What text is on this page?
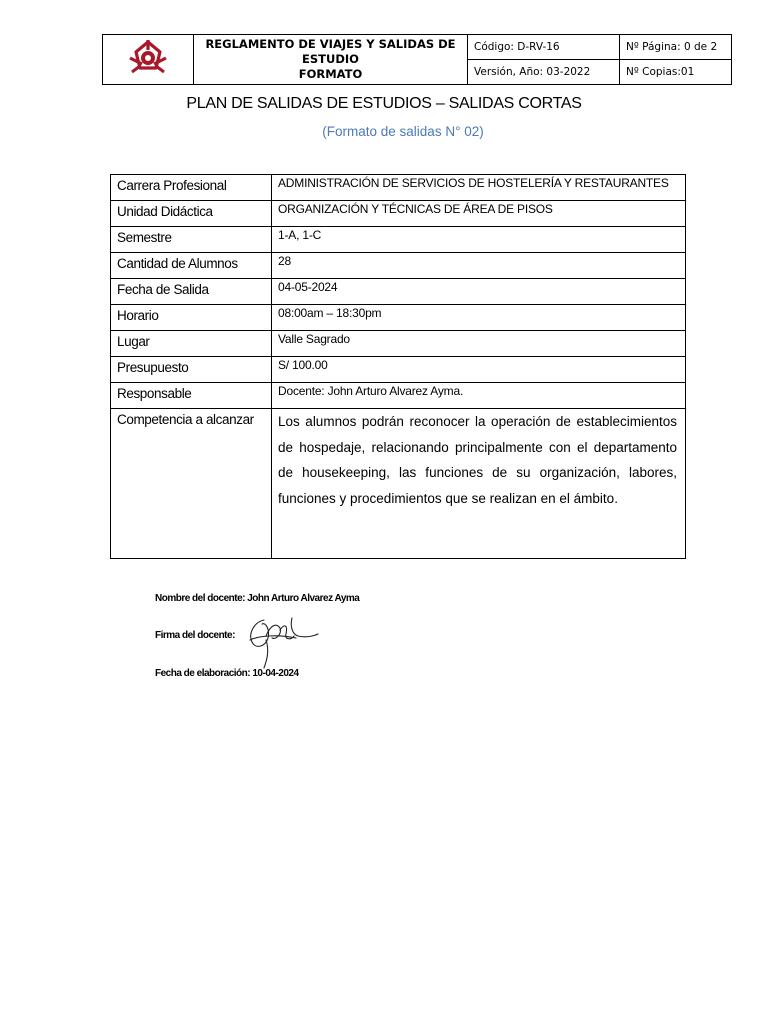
REGLAMENTO DE VIAJES Y SALIDAS DE
ESTUDIO
FORMATO	Código: D-RV-16	Nº Página: 0 de 2
		Versión, Año: 03-2022	Nº Copias:01
PLAN DE SALIDAS DE ESTUDIOS – SALIDAS CORTAS
(Formato de salidas N° 02)
Carrera Profesional	ADMINISTRACIÓN DE SERVICIOS DE HOSTELERÍA Y RESTAURANTES
Unidad Didáctica	ORGANIZACIÓN Y TÉCNICAS DE ÁREA DE PISOS
Semestre	1-A, 1-C
Cantidad de Alumnos	28
Fecha de Salida	04-05-2024
Horario	08:00am – 18:30pm
Lugar	Valle Sagrado
Presupuesto	S/ 100.00
Responsable	Docente: John Arturo Alvarez Ayma.
Competencia a alcanzar	Los alumnos podrán reconocer la operación de establecimientos de hospedaje, relacionando principalmente con el departamento de housekeeping, las funciones de su organización, labores, funciones y procedimientos que se realizan en el ámbito.
Nombre del docente: John Arturo Alvarez Ayma
Firma del docente:
Fecha de elaboración: 10-04-2024
